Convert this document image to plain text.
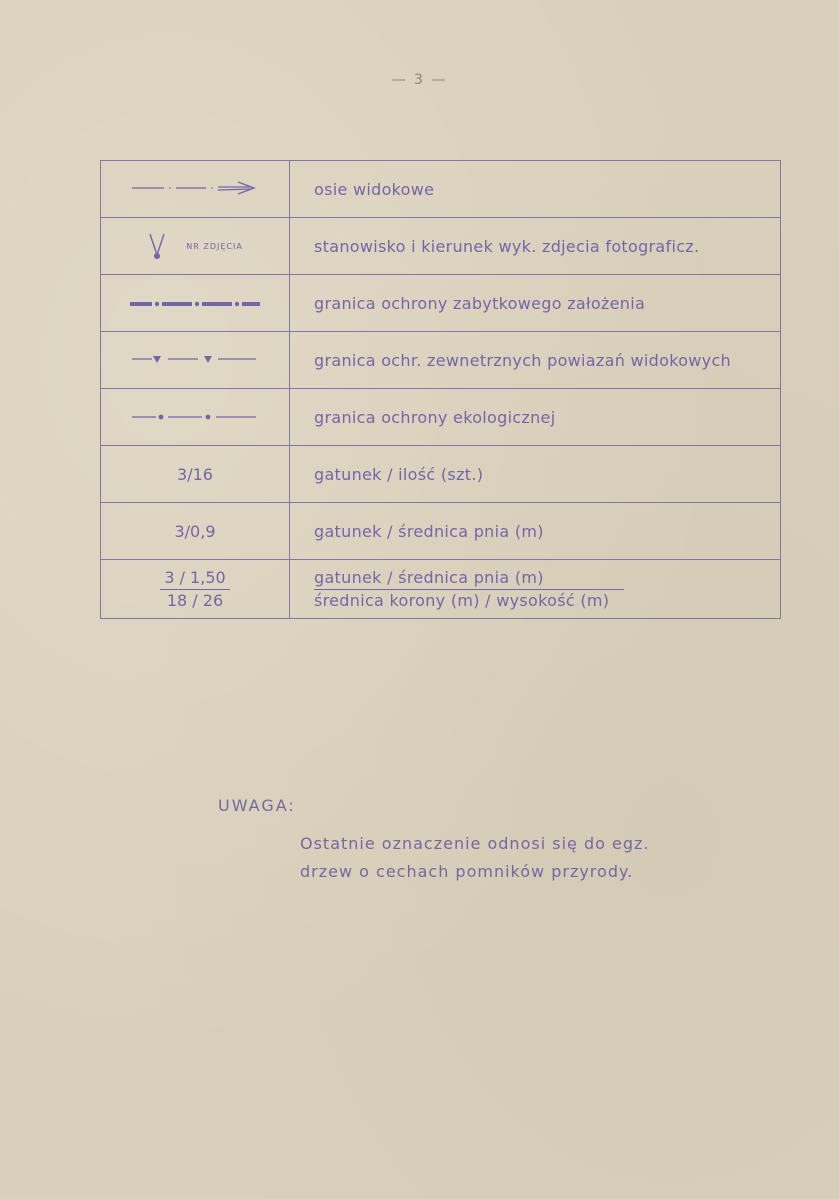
— 3 —
	osie widokowe
NR ZDJĘCIA	stanowisko i kierunek wyk. zdjecia fotograficz.
	granica ochrony zabytkowego założenia
	granica ochr. zewnetrznych powiazań widokowych
	granica ochrony ekologicznej
3/16	gatunek / ilość (szt.)
3/0,9	gatunek / średnica pnia (m)

$\frac{3 / 1,50}{18 / 26}$	gatunek / średnica pnia (m)
średnica korony (m) / wysokość (m)
UWAGA:
Ostatnie oznaczenie odnosi się do egz.
drzew o cechach pomników przyrody.
